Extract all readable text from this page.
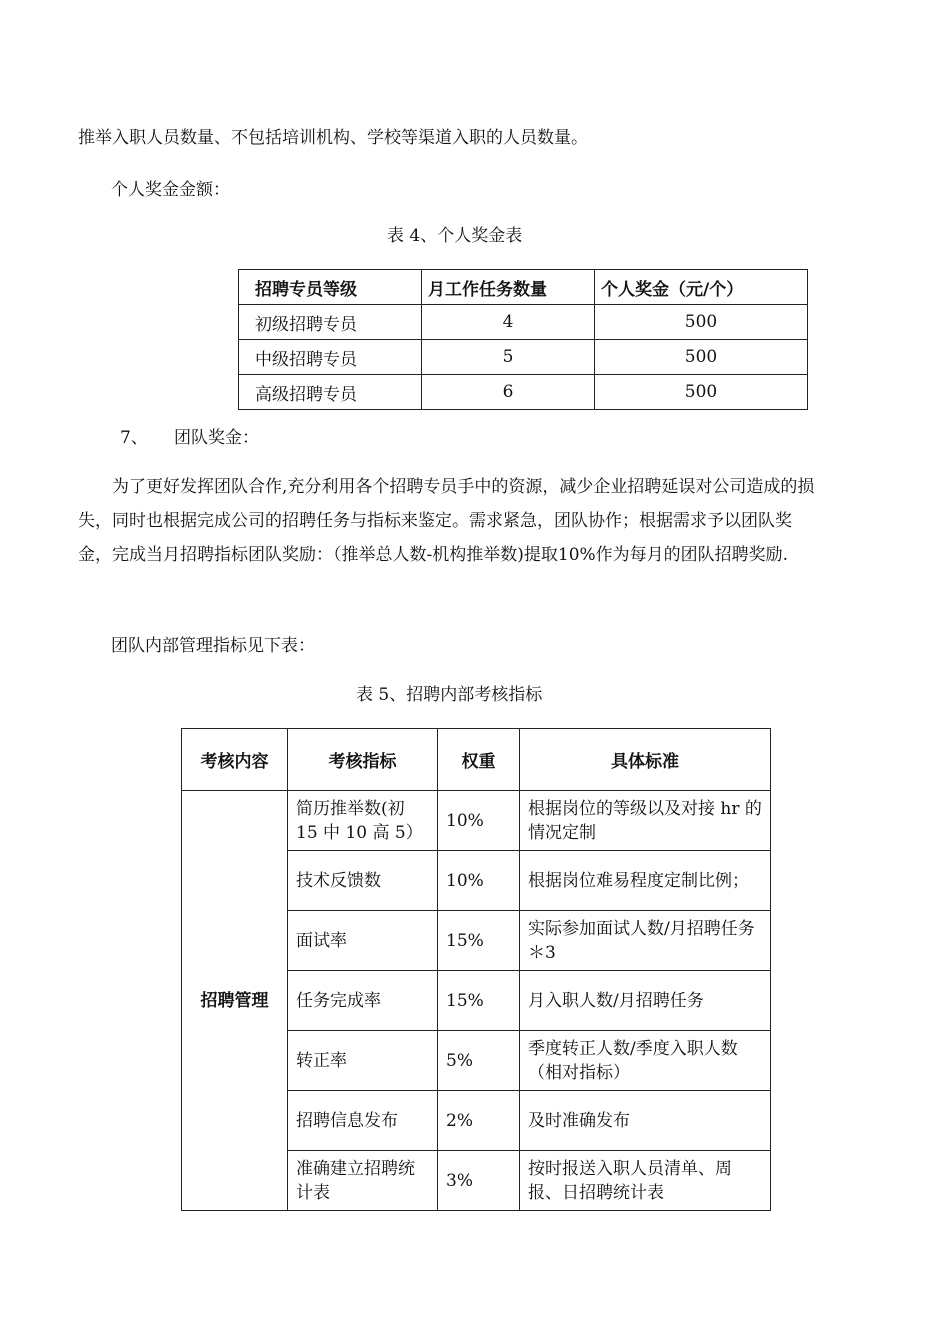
推举入职人员数量、不包括培训机构、学校等渠道入职的人员数量。
个人奖金金额：
表 4、个人奖金表
招聘专员等级	月工作任务数量	个人奖金（元/个）
初级招聘专员	4	500
中级招聘专员	5	500
高级招聘专员	6	500
7、 团队奖金：
为了更好发挥团队合作,充分利用各个招聘专员手中的资源，减少企业招聘延误对公司造成的损失，同时也根据完成公司的招聘任务与指标来鉴定。需求紧急，团队协作；根据需求予以团队奖金，完成当月招聘指标团队奖励：（推举总人数-机构推举数)提取10%作为每月的团队招聘奖励.
团队内部管理指标见下表：
表 5、招聘内部考核指标
考核内容	考核指标	权重	具体标准
招聘管理	简历推举数(初 15 中 10 高 5）	10%	根据岗位的等级以及对接 hr 的情况定制
	技术反馈数	10%	根据岗位难易程度定制比例；
	面试率	15%	实际参加面试人数/月招聘任务＊3
	任务完成率	15%	月入职人数/月招聘任务
	转正率	5%	季度转正人数/季度入职人数（相对指标）
	招聘信息发布	2%	及时准确发布
	准确建立招聘统计表	3%	按时报送入职人员清单、周报、日招聘统计表
